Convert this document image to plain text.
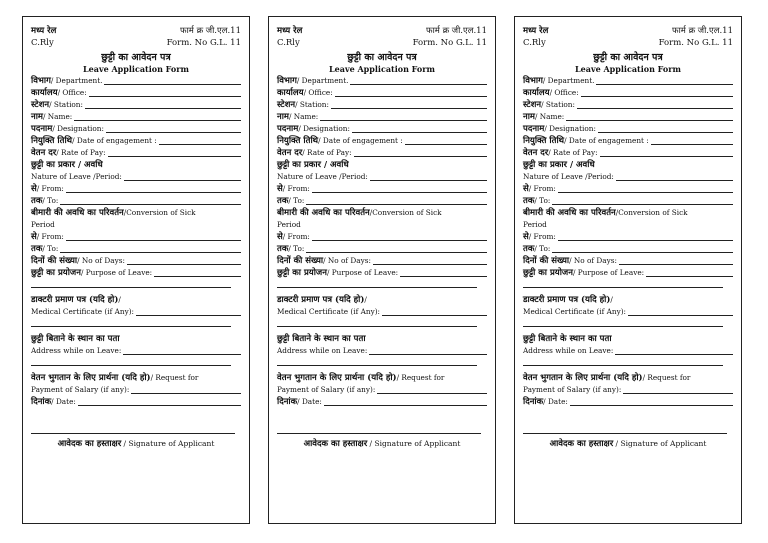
मध्य रेल	फार्म क्र जी.एल.11
C.Rly	Form. No G.L. 11
छुट्टी का आवेदन पत्र
Leave Application Form
विभाग / Department.
कार्यालय / Office:
स्टेशन / Station:
नाम / Name:
पदनाम / Designation:
नियुक्ति तिथि / Date of engagement :
वेतन दर / Rate of Pay:
छुट्टी का प्रकार / अवधि
Nature of Leave /Period:
से / From:
तक / To:
बीमारी की अवधि का परिवर्तन /Conversion of Sick
Period
से / From:
तक / To:
दिनों की संख्या / No of Days:
छुट्टी का प्रयोजन / Purpose of Leave:
डाक्टरी प्रमाण पत्र (यदि हो) /
Medical Certificate (if Any):
छुट्टी बिताने के स्थान का पता
Address while on Leave:
वेतन भुगतान के लिए प्रार्थना (यदि हो) / Request for
Payment of Salary (if any):
दिनांक / Date:
आवेदक का हस्ताक्षर / Signature of Applicant
मध्य रेल	फार्म क्र जी.एल.11
C.Rly	Form. No G.L. 11
छुट्टी का आवेदन पत्र
Leave Application Form
विभाग / Department.
कार्यालय / Office:
स्टेशन / Station:
नाम / Name:
पदनाम / Designation:
नियुक्ति तिथि / Date of engagement :
वेतन दर / Rate of Pay:
छुट्टी का प्रकार / अवधि
Nature of Leave /Period:
से / From:
तक / To:
बीमारी की अवधि का परिवर्तन /Conversion of Sick
Period
से / From:
तक / To:
दिनों की संख्या / No of Days:
छुट्टी का प्रयोजन / Purpose of Leave:
डाक्टरी प्रमाण पत्र (यदि हो) /
Medical Certificate (if Any):
छुट्टी बिताने के स्थान का पता
Address while on Leave:
वेतन भुगतान के लिए प्रार्थना (यदि हो) / Request for
Payment of Salary (if any):
दिनांक / Date:
आवेदक का हस्ताक्षर / Signature of Applicant
मध्य रेल	फार्म क्र जी.एल.11
C.Rly	Form. No G.L. 11
छुट्टी का आवेदन पत्र
Leave Application Form
विभाग / Department.
कार्यालय / Office:
स्टेशन / Station:
नाम / Name:
पदनाम / Designation:
नियुक्ति तिथि / Date of engagement :
वेतन दर / Rate of Pay:
छुट्टी का प्रकार / अवधि
Nature of Leave /Period:
से / From:
तक / To:
बीमारी की अवधि का परिवर्तन /Conversion of Sick
Period
से / From:
तक / To:
दिनों की संख्या / No of Days:
छुट्टी का प्रयोजन / Purpose of Leave:
डाक्टरी प्रमाण पत्र (यदि हो) /
Medical Certificate (if Any):
छुट्टी बिताने के स्थान का पता
Address while on Leave:
वेतन भुगतान के लिए प्रार्थना (यदि हो) / Request for
Payment of Salary (if any):
दिनांक / Date:
आवेदक का हस्ताक्षर / Signature of Applicant
